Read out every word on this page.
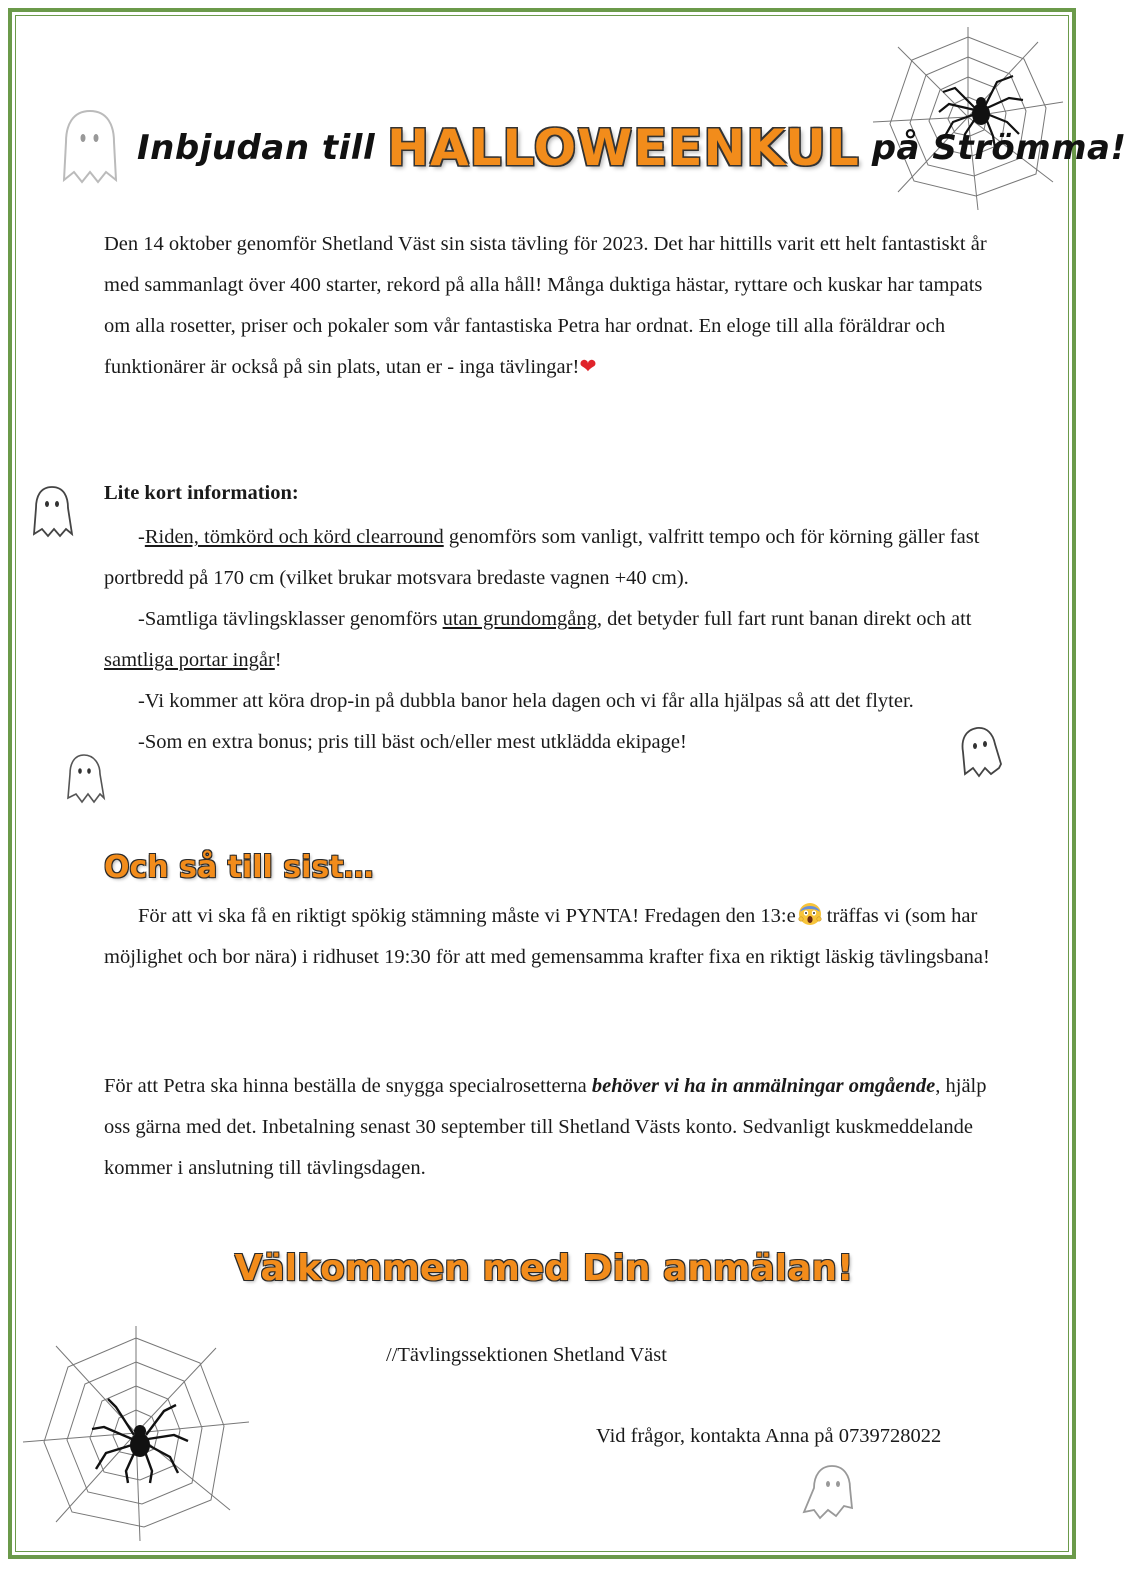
Inbjudan till HALLOWEENKUL på Strömma!

Den 14 oktober genomför Shetland Väst sin sista tävling för 2023. Det har hittills varit ett helt fantastiskt år med sammanlagt över 400 starter, rekord på alla håll! Många duktiga hästar, ryttare och kuskar har tampats om alla rosetter, priser och pokaler som vår fantastiska Petra har ordnat. En eloge till alla föräldrar och funktionärer är också på sin plats, utan er - inga tävlingar!❤

Lite kort information:

-Riden, tömkörd och körd clearround genomförs som vanligt, valfritt tempo och för körning gäller fast portbredd på 170 cm (vilket brukar motsvara bredaste vagnen +40 cm).

-Samtliga tävlingsklasser genomförs utan grundomgång, det betyder full fart runt banan direkt och att samtliga portar ingår!

-Vi kommer att köra drop-in på dubbla banor hela dagen och vi får alla hjälpas så att det flyter.

-Som en extra bonus; pris till bäst och/eller mest utklädda ekipage!

Och så till sist…

För att vi ska få en riktigt spökig stämning måste vi PYNTA! Fredagen den 13:e träffas vi (som har möjlighet och bor nära) i ridhuset 19:30 för att med gemensamma krafter fixa en riktigt läskig tävlingsbana!

För att Petra ska hinna beställa de snygga specialrosetterna behöver vi ha in anmälningar omgående, hjälp oss gärna med det. Inbetalning senast 30 september till Shetland Västs konto. Sedvanligt kuskmeddelande kommer i anslutning till tävlingsdagen.

Välkommen med Din anmälan!
//Tävlingssektionen Shetland Väst
Vid frågor, kontakta Anna på 0739728022
